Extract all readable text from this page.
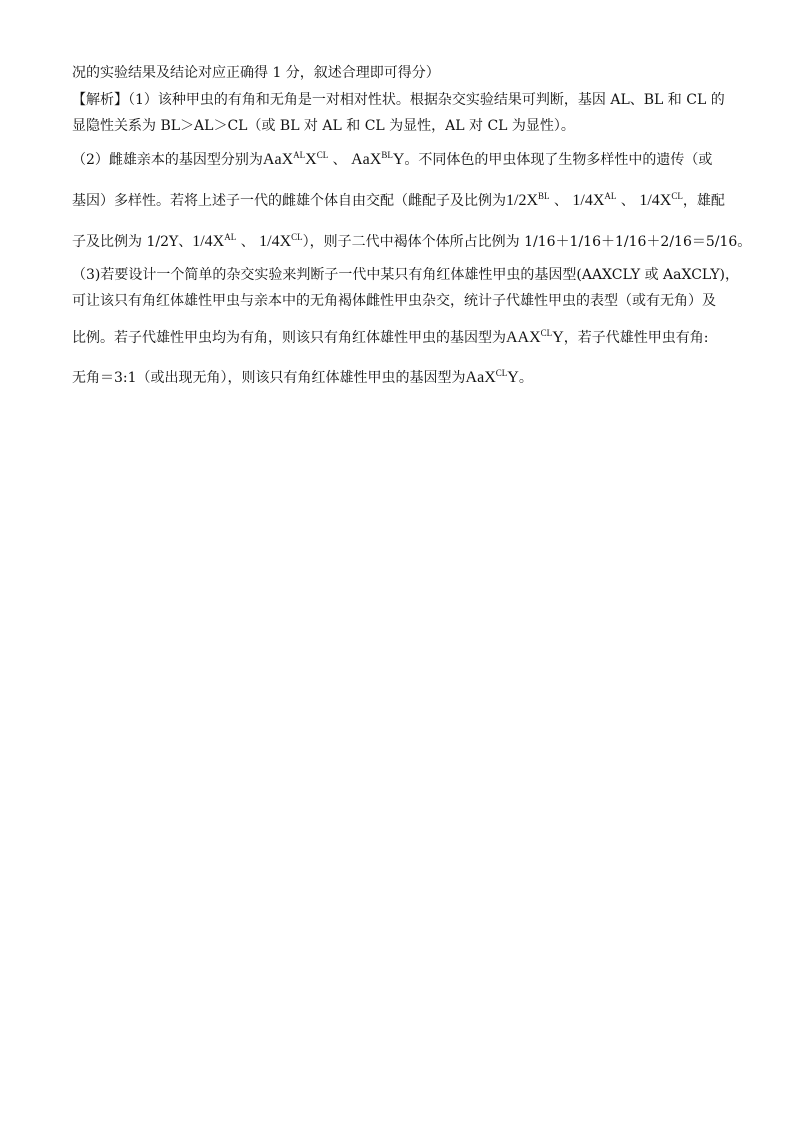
况的实验结果及结论对应正确得 1 分，叙述合理即可得分）
【解析】（1）该种甲虫的有角和无角是一对相对性状。根据杂交实验结果可判断，基因 AL、BL 和 CL 的
显隐性关系为 BL＞AL＞CL（或 BL 对 AL 和 CL 为显性，AL 对 CL 为显性）。
（2）雌雄亲本的基因型分别为$AaX^{AL}X^{CL}$ 、 AaX$^{BL}$Y。不同体色的甲虫体现了生物多样性中的遗传（或
基因）多样性。若将上述子一代的雌雄个体自由交配（雌配子及比例为$1/2X^{BL}$ 、 $1/4X^{AL}$ 、 $1/4X^{CL}$，雄配
子及比例为 1/2Y、$1/4X^{AL}$ 、 $1/4X^{CL}$），则子二代中褐体个体所占比例为 1/16＋1/16＋1/16＋2/16＝5/16。
（3)若要设计一个简单的杂交实验来判断子一代中某只有角红体雄性甲虫的基因型(AAXCLY 或 AaXCLY)，
可让该只有角红体雄性甲虫与亲本中的无角褐体雌性甲虫杂交，统计子代雄性甲虫的表型（或有无角）及
比例。若子代雄性甲虫均为有角，则该只有角红体雄性甲虫的基因型为$AAX^{CL}Y$，若子代雄性甲虫有角:
无角＝3:1（或出现无角），则该只有角红体雄性甲虫的基因型为AaX$^{CL}$Y。
